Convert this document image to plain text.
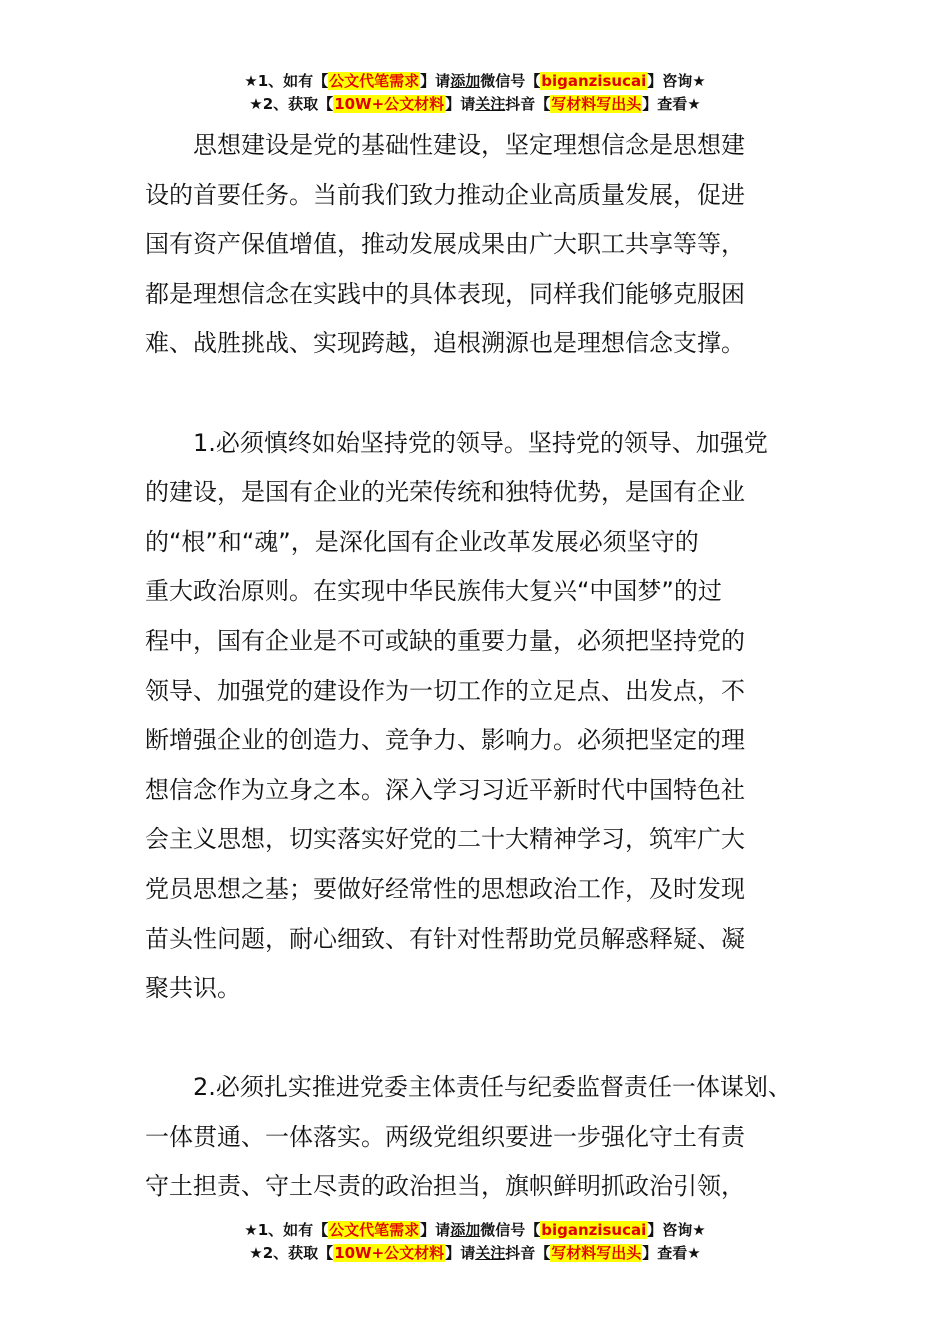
★1、如有【公文代笔需求】请添加微信号【biganzisucai】咨询★
★2、获取【10W+公文材料】请关注抖音【写材料写出头】查看★

思想建设是党的基础性建设，坚定理想信念是思想建
设的首要任务。当前我们致力推动企业高质量发展，促进
国有资产保值增值，推动发展成果由广大职工共享等等，
都是理想信念在实践中的具体表现，同样我们能够克服困
难、战胜挑战、实现跨越，追根溯源也是理想信念支撑。

1.必须慎终如始坚持党的领导。坚持党的领导、加强党
的建设，是国有企业的光荣传统和独特优势，是国有企业
的“根”和“魂”，是深化国有企业改革发展必须坚守的
重大政治原则。在实现中华民族伟大复兴“中国梦”的过
程中，国有企业是不可或缺的重要力量，必须把坚持党的
领导、加强党的建设作为一切工作的立足点、出发点，不
断增强企业的创造力、竞争力、影响力。必须把坚定的理
想信念作为立身之本。深入学习习近平新时代中国特色社
会主义思想，切实落实好党的二十大精神学习，筑牢广大
党员思想之基；要做好经常性的思想政治工作，及时发现
苗头性问题，耐心细致、有针对性帮助党员解惑释疑、凝
聚共识。

2.必须扎实推进党委主体责任与纪委监督责任一体谋划、
一体贯通、一体落实。两级党组织要进一步强化守土有责
守土担责、守土尽责的政治担当，旗帜鲜明抓政治引领，

★1、如有【公文代笔需求】请添加微信号【biganzisucai】咨询★
★2、获取【10W+公文材料】请关注抖音【写材料写出头】查看★
